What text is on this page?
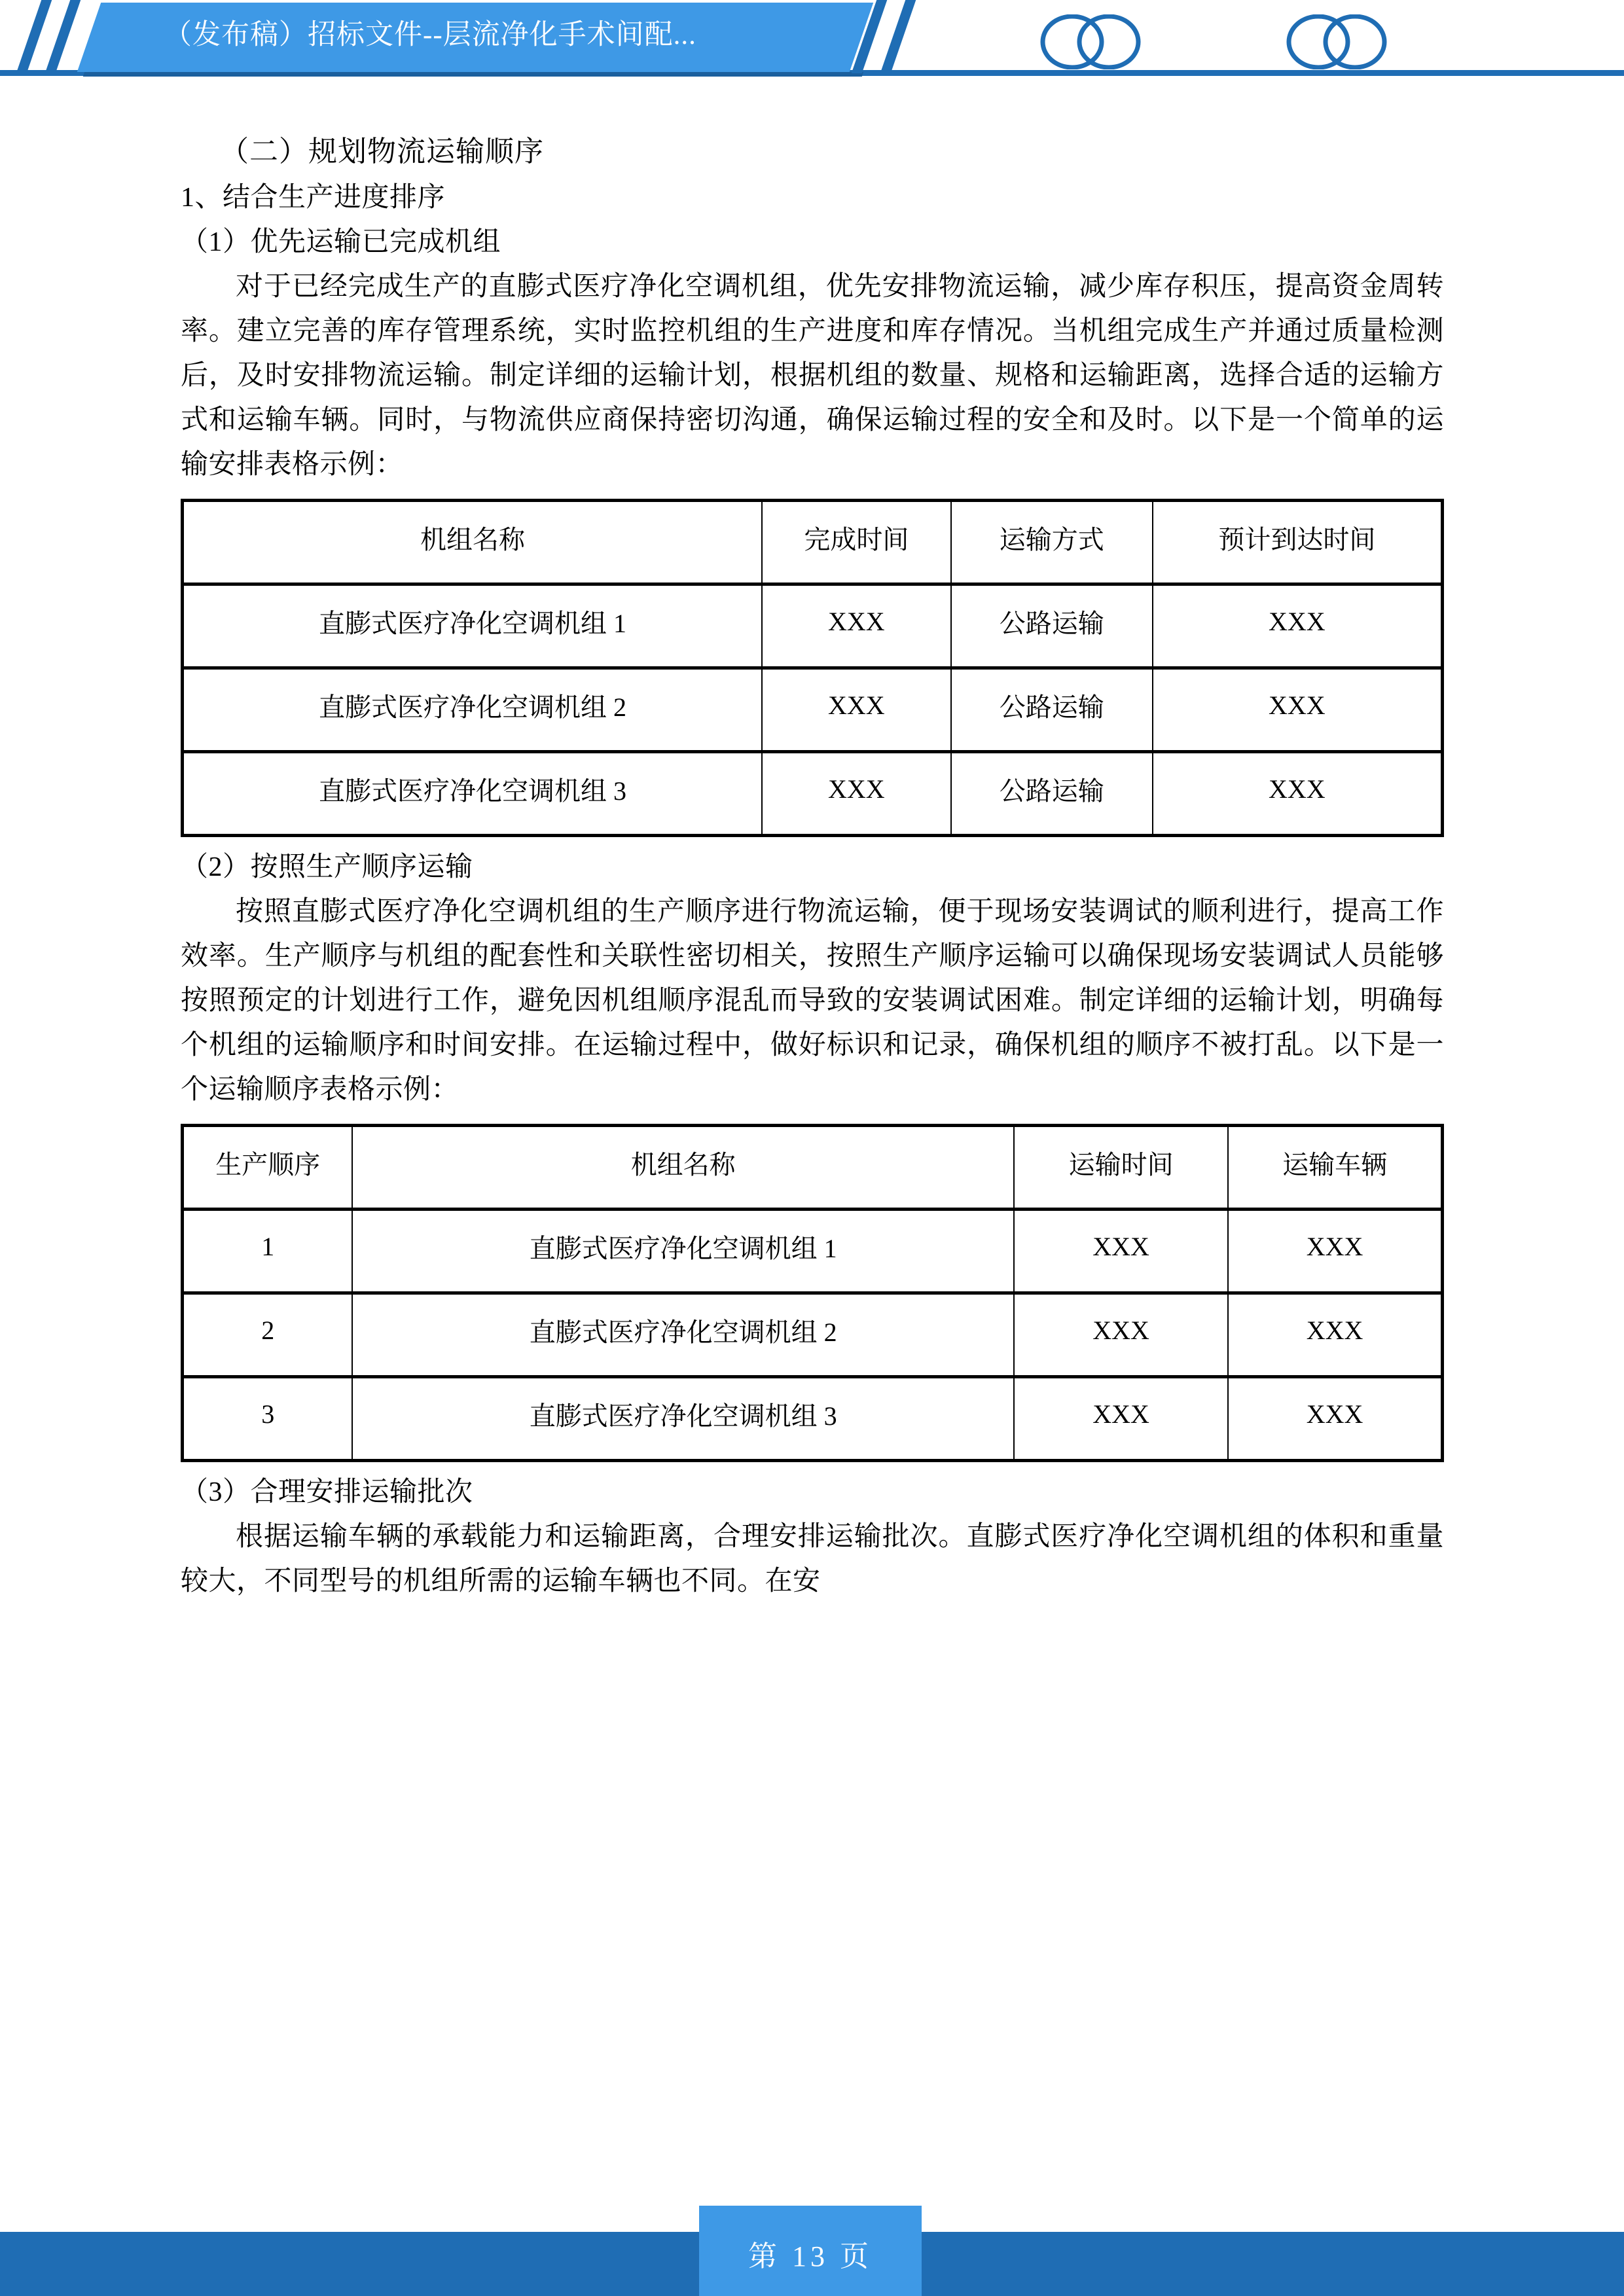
（发布稿）招标文件--层流净化手术间配...
（二）规划物流运输顺序

1、结合生产进度排序

（1）优先运输已完成机组

对于已经完成生产的直膨式医疗净化空调机组，优先安排物流运输，减少库存积压，提高资金周转率。建立完善的库存管理系统，实时监控机组的生产进度和库存情况。当机组完成生产并通过质量检测后，及时安排物流运输。制定详细的运输计划，根据机组的数量、规格和运输距离，选择合适的运输方式和运输车辆。同时，与物流供应商保持密切沟通，确保运输过程的安全和及时。以下是一个简单的运输安排表格示例：

机组名称	完成时间	运输方式	预计到达时间
直膨式医疗净化空调机组 1	XXX	公路运输	XXX
直膨式医疗净化空调机组 2	XXX	公路运输	XXX
直膨式医疗净化空调机组 3	XXX	公路运输	XXX

（2）按照生产顺序运输

按照直膨式医疗净化空调机组的生产顺序进行物流运输，便于现场安装调试的顺利进行，提高工作效率。生产顺序与机组的配套性和关联性密切相关，按照生产顺序运输可以确保现场安装调试人员能够按照预定的计划进行工作，避免因机组顺序混乱而导致的安装调试困难。制定详细的运输计划，明确每个机组的运输顺序和时间安排。在运输过程中，做好标识和记录，确保机组的顺序不被打乱。以下是一个运输顺序表格示例：

生产顺序	机组名称	运输时间	运输车辆
1	直膨式医疗净化空调机组 1	XXX	XXX
2	直膨式医疗净化空调机组 2	XXX	XXX
3	直膨式医疗净化空调机组 3	XXX	XXX

（3）合理安排运输批次

根据运输车辆的承载能力和运输距离，合理安排运输批次。直膨式医疗净化空调机组的体积和重量较大，不同型号的机组所需的运输车辆也不同。在安

第 13 页
